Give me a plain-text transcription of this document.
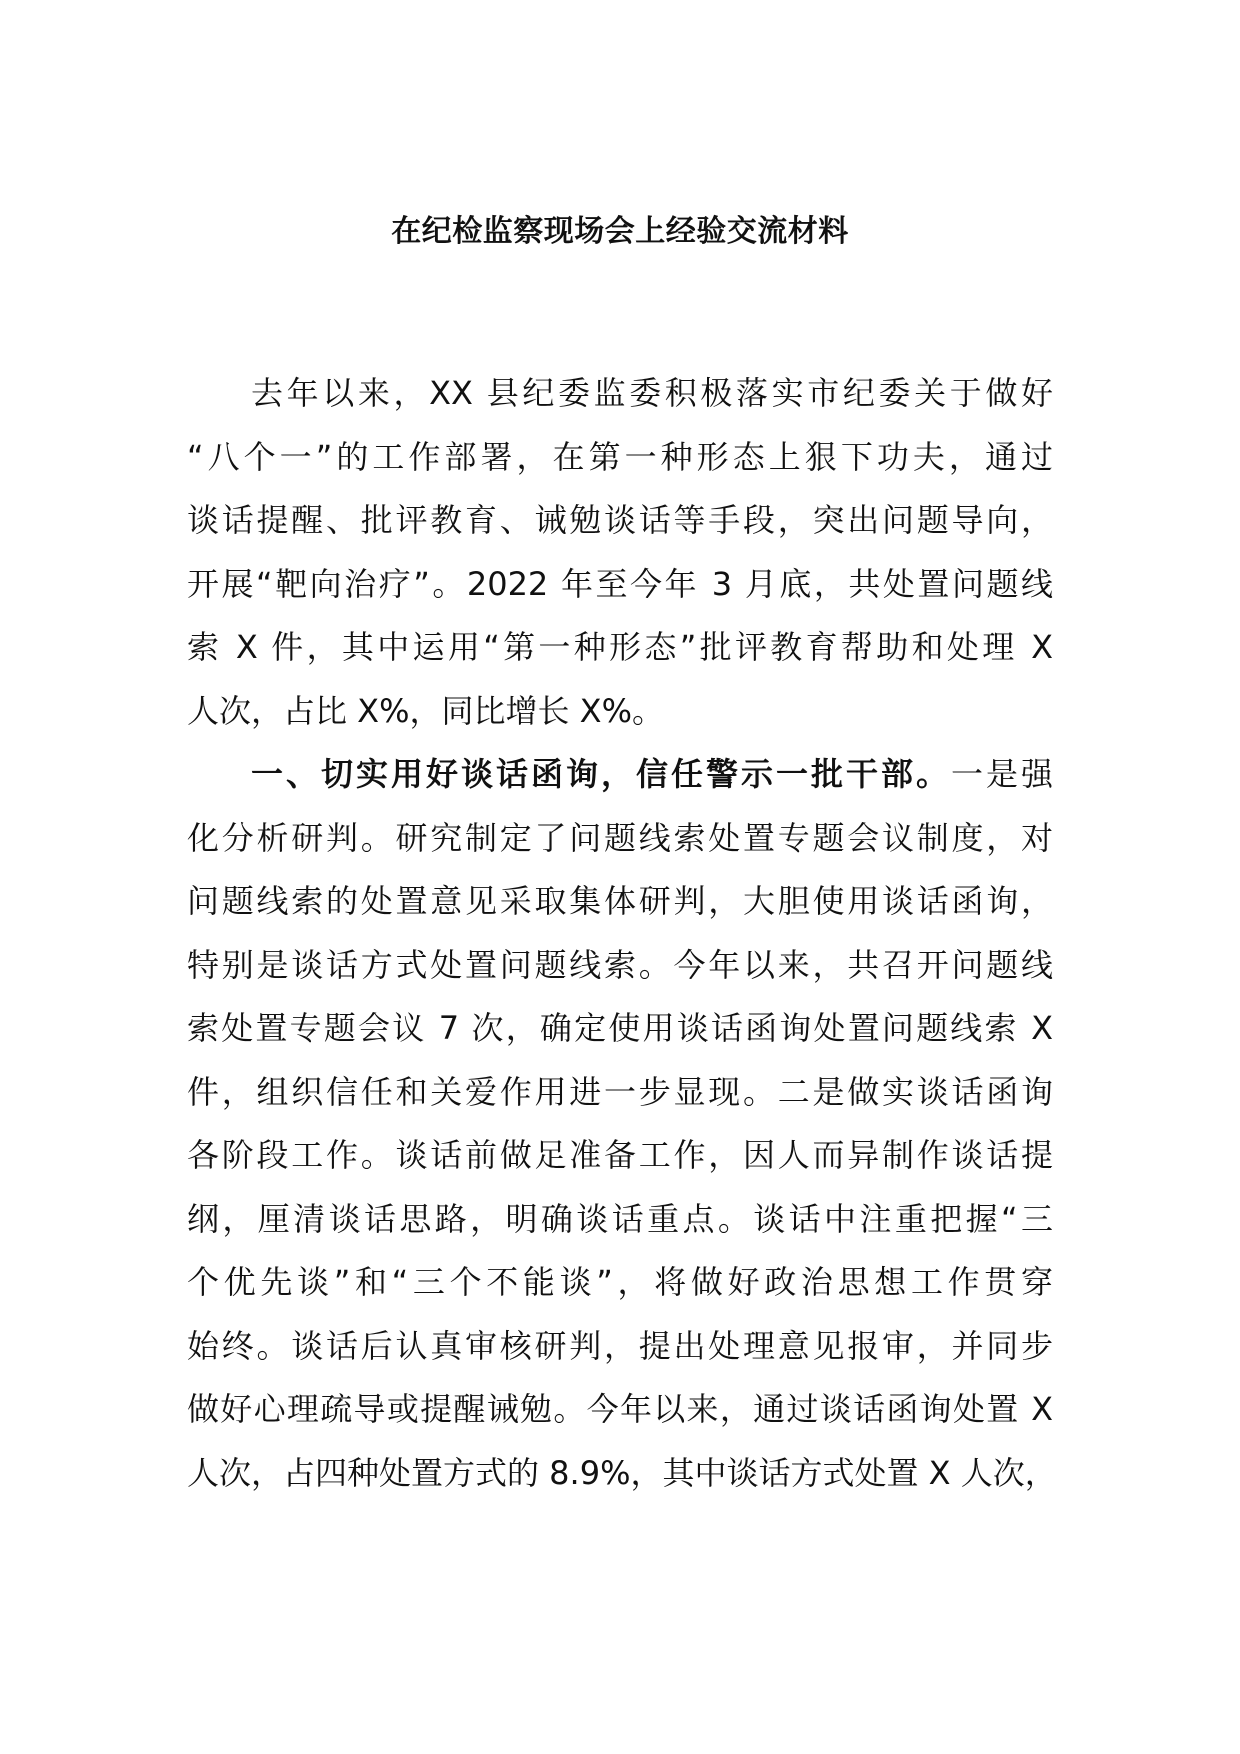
在纪检监察现场会上经验交流材料
去年以来，XX 县纪委监委积极落实市纪委关于做好
“八个一”的工作部署，在第一种形态上狠下功夫，通过
谈话提醒、批评教育、诫勉谈话等手段，突出问题导向，
开展“靶向治疗”。2022 年至今年 3 月底，共处置问题线
索 X 件，其中运用“第一种形态”批评教育帮助和处理 X
人次，占比 X%，同比增长 X%。
一、切实用好谈话函询，信任警示一批干部。一是强
化分析研判。研究制定了问题线索处置专题会议制度，对
问题线索的处置意见采取集体研判，大胆使用谈话函询，
特别是谈话方式处置问题线索。今年以来，共召开问题线
索处置专题会议 7 次，确定使用谈话函询处置问题线索 X
件，组织信任和关爱作用进一步显现。二是做实谈话函询
各阶段工作。谈话前做足准备工作，因人而异制作谈话提
纲，厘清谈话思路，明确谈话重点。谈话中注重把握“三
个优先谈”和“三个不能谈”，将做好政治思想工作贯穿
始终。谈话后认真审核研判，提出处理意见报审，并同步
做好心理疏导或提醒诫勉。今年以来，通过谈话函询处置 X
人次，占四种处置方式的 8.9%，其中谈话方式处置 X 人次，
